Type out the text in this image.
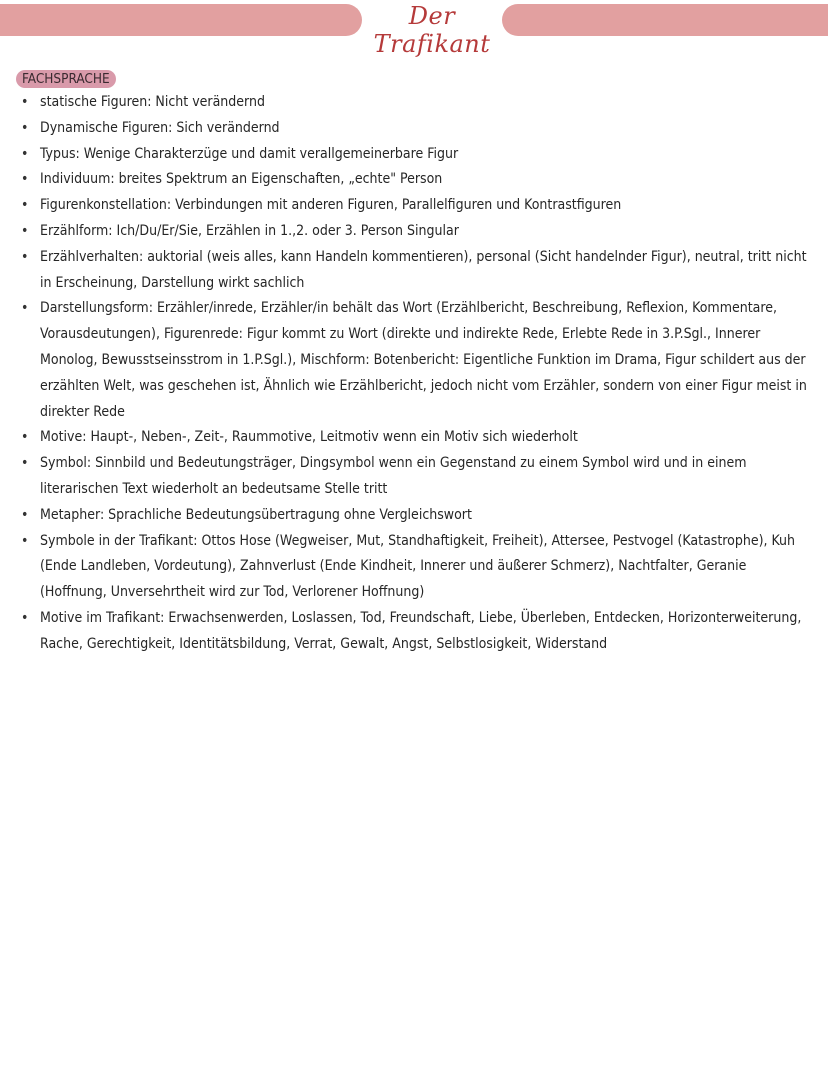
Der Trafikant
FACHSPRACHE
• statische Figuren: Nicht verändernd
• Dynamische Figuren: Sich verändernd
• Typus: Wenige Charakterzüge und damit verallgemeinerbare Figur
• Individuum: breites Spektrum an Eigenschaften, „echte" Person
• Figurenkonstellation: Verbindungen mit anderen Figuren, Parallelfiguren und Kontrastfiguren
• Erzählform: Ich/Du/Er/Sie, Erzählen in 1.,2. oder 3. Person Singular
• Erzählverhalten: auktorial (weis alles, kann Handeln kommentieren), personal (Sicht handelnder Figur), neutral, tritt nicht in Erscheinung, Darstellung wirkt sachlich
• Darstellungsform: Erzähler/inrede, Erzähler/in behält das Wort (Erzählbericht, Beschreibung, Reflexion, Kommentare, Vorausdeutungen), Figurenrede: Figur kommt zu Wort (direkte und indirekte Rede, Erlebte Rede in 3.P.Sgl., Innerer Monolog, Bewusstseinsstrom in 1.P.Sgl.), Mischform: Botenbericht: Eigentliche Funktion im Drama, Figur schildert aus der erzählten Welt, was geschehen ist, Ähnlich wie Erzählbericht, jedoch nicht vom Erzähler, sondern von einer Figur meist in direkter Rede
• Motive: Haupt-, Neben-, Zeit-, Raummotive, Leitmotiv wenn ein Motiv sich wiederholt
• Symbol: Sinnbild und Bedeutungsträger, Dingsymbol wenn ein Gegenstand zu einem Symbol wird und in einem literarischen Text wiederholt an bedeutsame Stelle tritt
• Metapher: Sprachliche Bedeutungsübertragung ohne Vergleichswort
• Symbole in der Trafikant: Ottos Hose (Wegweiser, Mut, Standhaftigkeit, Freiheit), Attersee, Pestvogel (Katastrophe), Kuh (Ende Landleben, Vordeutung), Zahnverlust (Ende Kindheit, Innerer und äußerer Schmerz), Nachtfalter, Geranie (Hoffnung, Unversehrtheit wird zur Tod, Verlorener Hoffnung)
• Motive im Trafikant: Erwachsenwerden, Loslassen, Tod, Freundschaft, Liebe, Überleben, Entdecken, Horizonterweiterung, Rache, Gerechtigkeit, Identitätsbildung, Verrat, Gewalt, Angst, Selbstlosigkeit, Widerstand
